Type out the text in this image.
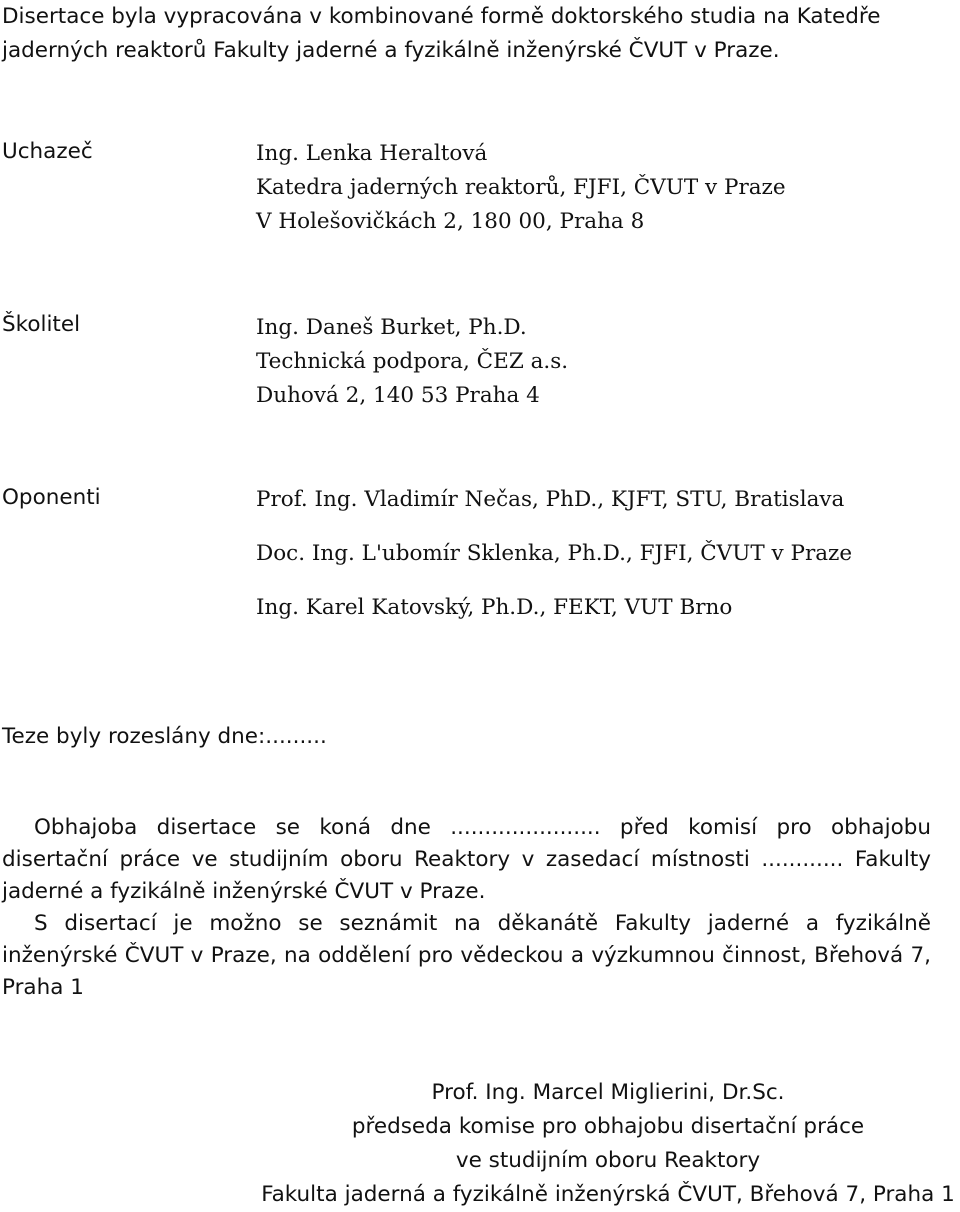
Disertace byla vypracována v kombinované formě doktorského studia na Katedře jaderných reaktorů Fakulty jaderné a fyzikálně inženýrské ČVUT v Praze.
Uchazeč	Ing. Lenka Heraltová
Katedra jaderných reaktorů, FJFI, ČVUT v Praze
V Holešovičkách 2, 180 00, Praha 8
Školitel	Ing. Daneš Burket, Ph.D.
Technická podpora, ČEZ a.s.
Duhová 2, 140 53 Praha 4
Oponenti	Prof. Ing. Vladimír Nečas, PhD., KJFT, STU, Bratislava
Doc. Ing. L'ubomír Sklenka, Ph.D., FJFI, ČVUT v Praze
Ing. Karel Katovský, Ph.D., FEKT, VUT Brno
Teze byly rozeslány dne:.........
Obhajoba disertace se koná dne ...................... před komisí pro obhajobu disertační práce ve studijním oboru Reaktory v zasedací místnosti ............ Fakulty jaderné a fyzikálně inženýrské ČVUT v Praze.
S disertací je možno se seznámit na děkanátě Fakulty jaderné a fyzikálně inženýrské ČVUT v Praze, na oddělení pro vědeckou a výzkumnou činnost, Břehová 7, Praha 1
Prof. Ing. Marcel Miglierini, Dr.Sc.
předseda komise pro obhajobu disertační práce
ve studijním oboru Reaktory
Fakulta jaderná a fyzikálně inženýrská ČVUT, Břehová 7, Praha 1
